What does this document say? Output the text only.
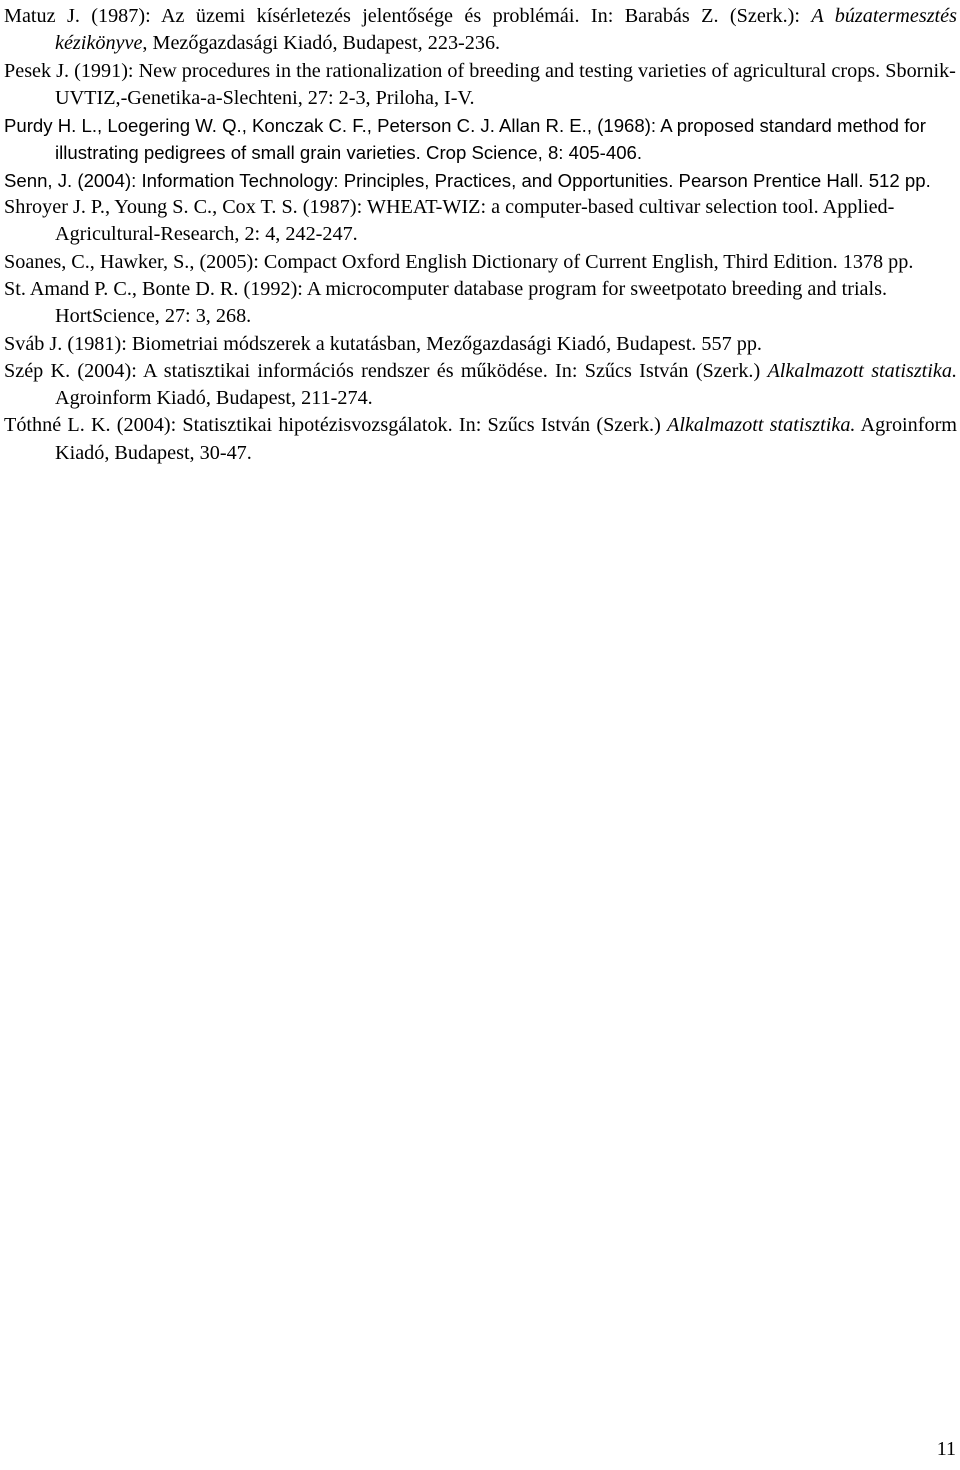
Matuz J. (1987): Az üzemi kísérletezés jelentősége és problémái. In: Barabás Z. (Szerk.): A búzatermesztés kézikönyve, Mezőgazdasági Kiadó, Budapest, 223-236.

Pesek J. (1991): New procedures in the rationalization of breeding and testing varieties of agricultural crops. Sbornik-UVTIZ,-Genetika-a-Slechteni, 27: 2-3, Priloha, I-V.

Purdy H. L., Loegering W. Q., Konczak C. F., Peterson C. J. Allan R. E., (1968): A proposed standard method for illustrating pedigrees of small grain varieties. Crop Science, 8: 405-406.

Senn, J. (2004): Information Technology: Principles, Practices, and Opportunities. Pearson Prentice Hall. 512 pp.

Shroyer J. P., Young S. C., Cox T. S. (1987): WHEAT-WIZ: a computer-based cultivar selection tool. Applied-Agricultural-Research, 2: 4, 242-247.

Soanes, C., Hawker, S., (2005): Compact Oxford English Dictionary of Current English, Third Edition. 1378 pp.

St. Amand P. C., Bonte D. R. (1992): A microcomputer database program for sweetpotato breeding and trials. HortScience, 27: 3, 268.

Sváb J. (1981): Biometriai módszerek a kutatásban, Mezőgazdasági Kiadó, Budapest. 557 pp.

Szép K. (2004): A statisztikai információs rendszer és működése. In: Szűcs István (Szerk.) Alkalmazott statisztika. Agroinform Kiadó, Budapest, 211-274.

Tóthné L. K. (2004): Statisztikai hipotézisvozsgálatok. In: Szűcs István (Szerk.) Alkalmazott statisztika. Agroinform Kiadó, Budapest, 30-47.

11
